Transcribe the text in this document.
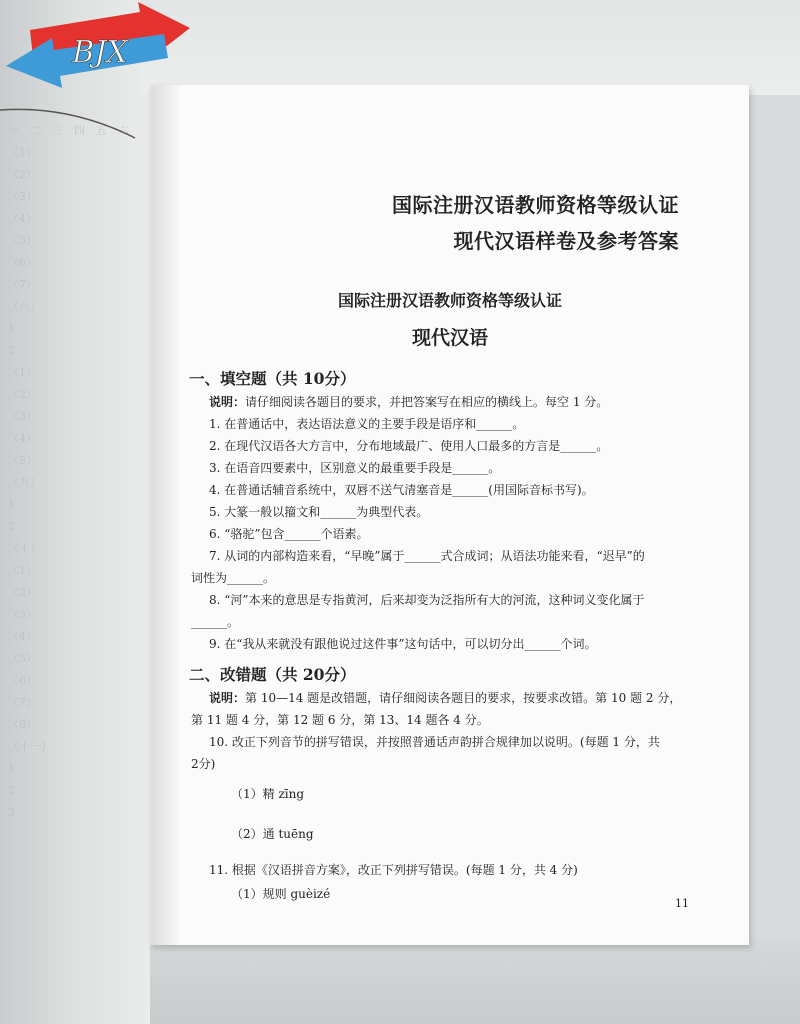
一　二　三　四　五　六
（1）　　　　　　
（2）　　　　　　
（3）　　　　　
（4）　　　　　　
（5）　　　　
（6）　　　　　　
（7）　　　　　
（八）　　　　　
1　　　　　　　
2　　　　　　　
（1）　　　　　
（2）　　　　　
（3）　　　　　
（4）　　　　　
（5）　　　　　
（九）　　　　　
1　　　　　　　
2　　　　　　　
（十）　　　　　
（1）　　　　　
（2）　　　　　
（3）　　　　　
（4）　　　　　
（5）　　　　　
（6）　　　　　
（7）　　　　　
（8）　　　　　
（十一）　　　　
1　　　　　　　
2　　　　　　　
3　　　　　　　

国际注册汉语教师资格等级认证
现代汉语样卷及参考答案
国际注册汉语教师资格等级认证
现代汉语
一、填空题（共 10分）
说明：请仔细阅读各题目的要求，并把答案写在相应的横线上。每空 1 分。
1. 在普通话中，表达语法意义的主要手段是语序和______。
2. 在现代汉语各大方言中，分布地域最广、使用人口最多的方言是______。
3. 在语音四要素中，区别意义的最重要手段是______。
4. 在普通话辅音系统中，双唇不送气清塞音是______(用国际音标书写)。
5. 大篆一般以籀文和______为典型代表。
6. “骆驼”包含______个语素。
7. 从词的内部构造来看，“早晚”属于______式合成词；从语法功能来看，“迟早”的
词性为______。
8. “河”本来的意思是专指黄河，后来却变为泛指所有大的河流，这种词义变化属于
______。
9. 在“我从来就没有跟他说过这件事”这句话中，可以切分出______个词。
二、改错题（共 20分）
说明：第 10—14 题是改错题，请仔细阅读各题目的要求，按要求改错。第 10 题 2 分，
第 11 题 4 分，第 12 题 6 分，第 13、14 题各 4 分。
10. 改正下列音节的拼写错误，并按照普通话声韵拼合规律加以说明。(每题 1 分，共
2分)
（1）精 zīng
（2）通 tuēng
11. 根据《汉语拼音方案》，改正下列拼写错误。(每题 1 分，共 4 分)
（1）规则 guèizé
11
BJX
